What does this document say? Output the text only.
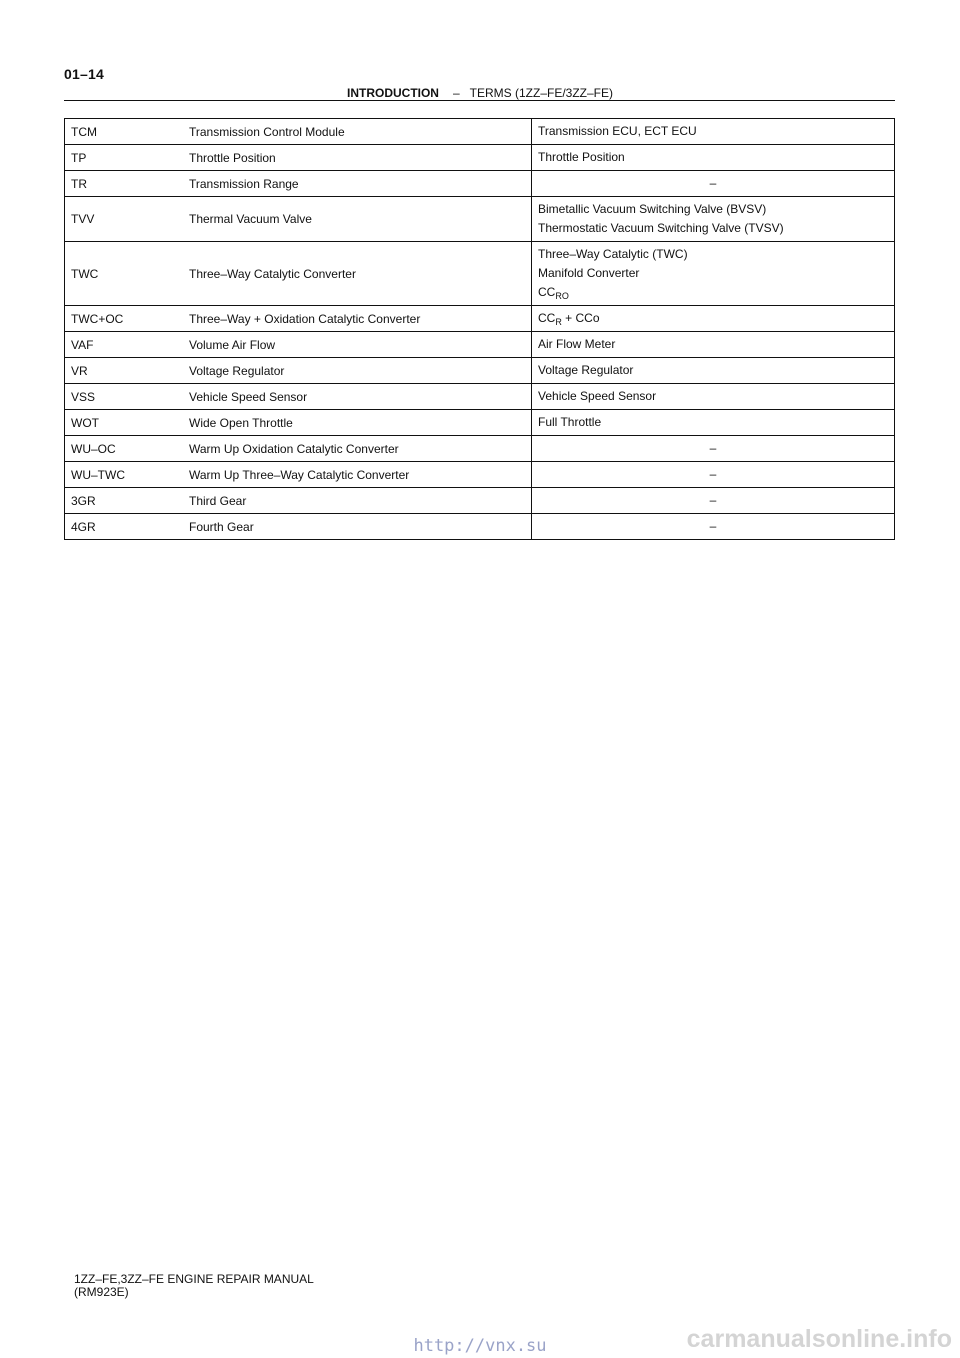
01–14
INTRODUCTION – TERMS (1ZZ–FE/3ZZ–FE)
TCM	Transmission Control Module	Transmission ECU, ECT ECU

TP	Throttle Position	Throttle Position

TR	Transmission Range	–

TVV	Thermal Vacuum Valve	Bimetallic Vacuum Switching Valve (BVSV)
Thermostatic Vacuum Switching Valve (TVSV)

TWC	Three–Way Catalytic Converter	Three–Way Catalytic (TWC)
Manifold Converter
$CC_{RO}$

TWC+OC	Three–Way + Oxidation Catalytic Converter	$CC_R$ + CCo

VAF	Volume Air Flow	Air Flow Meter

VR	Voltage Regulator	Voltage Regulator

VSS	Vehicle Speed Sensor	Vehicle Speed Sensor

WOT	Wide Open Throttle	Full Throttle

WU–OC	Warm Up Oxidation Catalytic Converter	–

WU–TWC	Warm Up Three–Way Catalytic Converter	–

3GR	Third Gear	–

4GR	Fourth Gear	–
1ZZ–FE,3ZZ–FE ENGINE REPAIR MANUAL
(RM923E)
http://vnx.su	carmanualsonline.info
